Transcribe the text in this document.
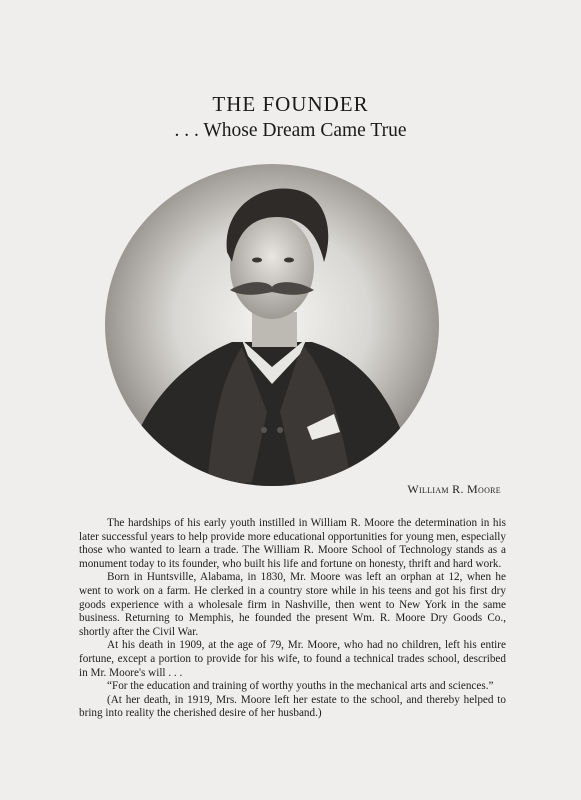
THE FOUNDER
. . . Whose Dream Came True
William R. Moore

The hardships of his early youth instilled in William R. Moore the determination in his later successful years to help provide more educational opportunities for young men, especially those who wanted to learn a trade. The William R. Moore School of Technology stands as a monument today to its founder, who built his life and fortune on honesty, thrift and hard work.

Born in Huntsville, Alabama, in 1830, Mr. Moore was left an orphan at 12, when he went to work on a farm. He clerked in a country store while in his teens and got his first dry goods experience with a wholesale firm in Nashville, then went to New York in the same business. Returning to Memphis, he founded the present Wm. R. Moore Dry Goods Co., shortly after the Civil War.

At his death in 1909, at the age of 79, Mr. Moore, who had no children, left his entire fortune, except a portion to provide for his wife, to found a technical trades school, described in Mr. Moore's will . . .

“For the education and training of worthy youths in the mechanical arts and sciences.”

(At her death, in 1919, Mrs. Moore left her estate to the school, and thereby helped to bring into reality the cherished desire of her husband.)
